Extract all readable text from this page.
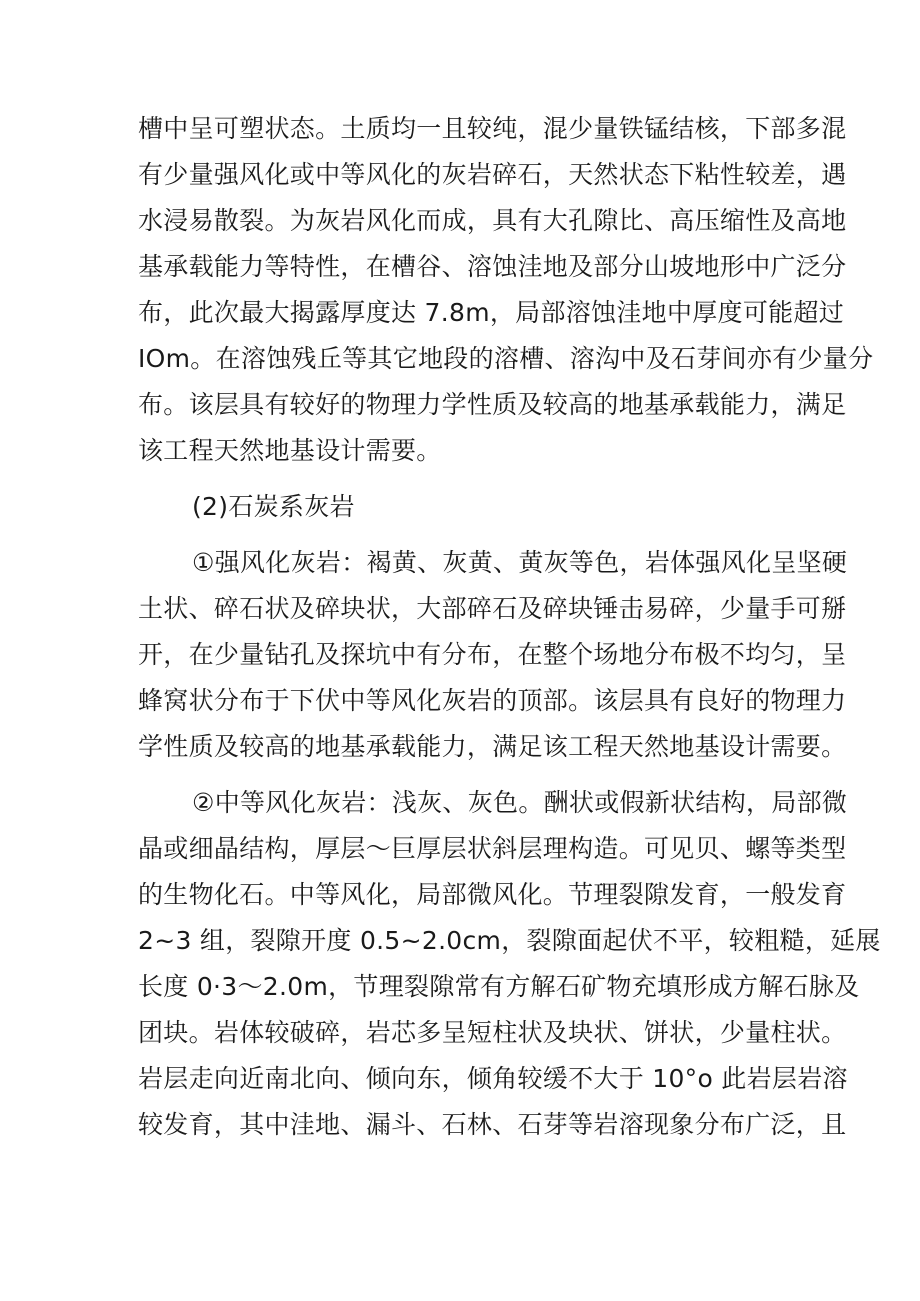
槽中呈可塑状态。土质均一且较纯，混少量铁锰结核，下部多混
有少量强风化或中等风化的灰岩碎石，天然状态下粘性较差，遇
水浸易散裂。为灰岩风化而成，具有大孔隙比、高压缩性及高地
基承载能力等特性，在槽谷、溶蚀洼地及部分山坡地形中广泛分
布，此次最大揭露厚度达 7.8m，局部溶蚀洼地中厚度可能超过
IOm。在溶蚀残丘等其它地段的溶槽、溶沟中及石芽间亦有少量分
布。该层具有较好的物理力学性质及较高的地基承载能力，满足
该工程天然地基设计需要。
(2)石炭系灰岩
①强风化灰岩：褐黄、灰黄、黄灰等色，岩体强风化呈坚硬
土状、碎石状及碎块状，大部碎石及碎块锤击易碎，少量手可掰
开，在少量钻孔及探坑中有分布，在整个场地分布极不均匀，呈
蜂窝状分布于下伏中等风化灰岩的顶部。该层具有良好的物理力
学性质及较高的地基承载能力，满足该工程天然地基设计需要。
②中等风化灰岩：浅灰、灰色。酬状或假新状结构，局部微
晶或细晶结构，厚层～巨厚层状斜层理构造。可见贝、螺等类型
的生物化石。中等风化，局部微风化。节理裂隙发育，一般发育
2~3 组，裂隙开度 0.5~2.0cm，裂隙面起伏不平，较粗糙，延展
长度 0·3～2.0m，节理裂隙常有方解石矿物充填形成方解石脉及
团块。岩体较破碎，岩芯多呈短柱状及块状、饼状，少量柱状。
岩层走向近南北向、倾向东，倾角较缓不大于 10°o 此岩层岩溶
较发育，其中洼地、漏斗、石林、石芽等岩溶现象分布广泛，且
